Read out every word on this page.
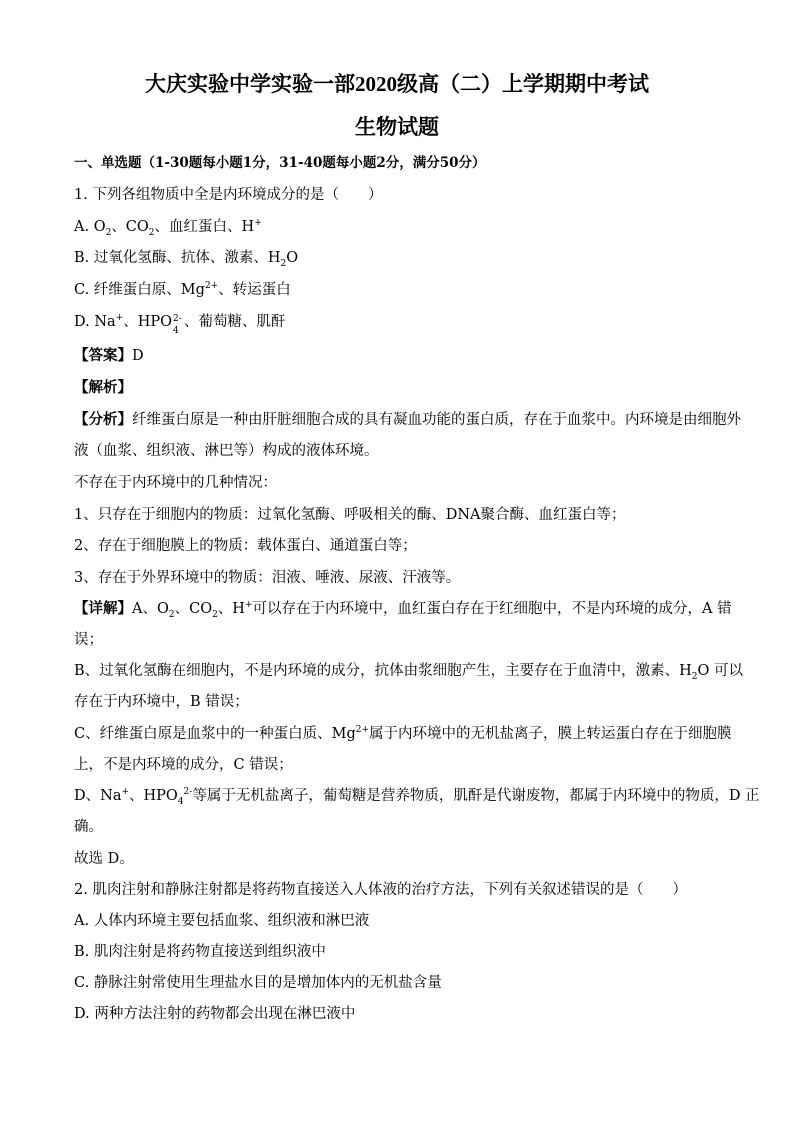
大庆实验中学实验一部2020级高（二）上学期期中考试
生物试题
一、单选题（1-30题每小题1分，31-40题每小题2分，满分50分）
1. 下列各组物质中全是内环境成分的是（　　）
A. $O_2$、$CO_2$、血红蛋白、H+
B. 过氧化氢酶、抗体、激素、$H_2O$
C. 纤维蛋白原、$Mg^{2+}$、转运蛋白
D. Na+、HPO 2-
4
、葡萄糖、肌酐
【答案】D
【解析】
【分析】纤维蛋白原是一种由肝脏细胞合成的具有凝血功能的蛋白质，存在于血浆中。内环境是由细胞外
液（血浆、组织液、淋巴等）构成的液体环境。
不存在于内环境中的几种情况：
1、只存在于细胞内的物质：过氧化氢酶、呼吸相关的酶、DNA聚合酶、血红蛋白等；
2、存在于细胞膜上的物质：载体蛋白、通道蛋白等；
3、存在于外界环境中的物质：泪液、唾液、尿液、汗液等。
【详解】A、$O_2$、$CO_2$、H+可以存在于内环境中，血红蛋白存在于红细胞中，不是内环境的成分，A 错
误；
B、过氧化氢酶在细胞内，不是内环境的成分，抗体由浆细胞产生，主要存在于血清中，激素、$H_2O$ 可以
存在于内环境中，B 错误；
C、纤维蛋白原是血浆中的一种蛋白质、$Mg^{2+}$属于内环境中的无机盐离子，膜上转运蛋白存在于细胞膜
上，不是内环境的成分，C 错误；
D、Na+、$HPO_4^{2-}$等属于无机盐离子，葡萄糖是营养物质，肌酐是代谢废物，都属于内环境中的物质，D 正
确。
故选 D。
2. 肌肉注射和静脉注射都是将药物直接送入人体液的治疗方法，下列有关叙述错误的是（　　）
A. 人体内环境主要包括血浆、组织液和淋巴液
B. 肌肉注射是将药物直接送到组织液中
C. 静脉注射常使用生理盐水目的是增加体内的无机盐含量
D. 两种方法注射的药物都会出现在淋巴液中
